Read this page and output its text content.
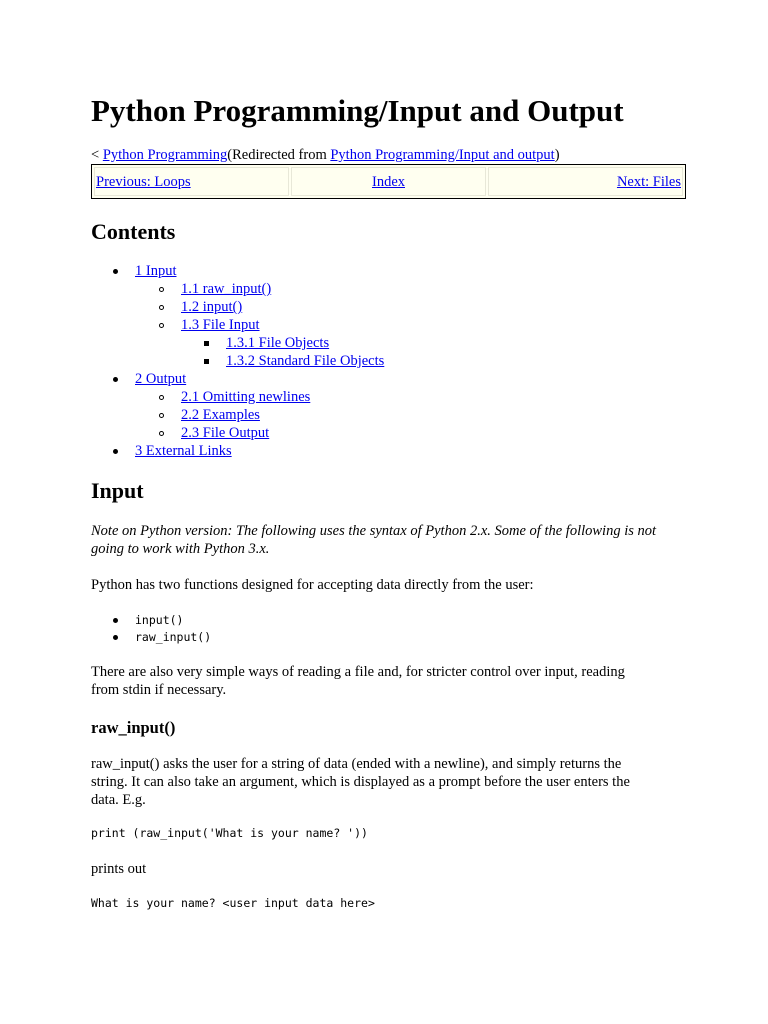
Python Programming/Input and Output
< Python Programming(Redirected from Python Programming/Input and output)
Previous: Loops	Index	Next: Files
Contents
1 Input
1.1 raw_input()
1.2 input()
1.3 File Input
1.3.1 File Objects
1.3.2 Standard File Objects
2 Output
2.1 Omitting newlines
2.2 Examples
2.3 File Output
3 External Links
Input
Note on Python version: The following uses the syntax of Python 2.x. Some of the following is not
going to work with Python 3.x.
Python has two functions designed for accepting data directly from the user:
input()
raw_input()
There are also very simple ways of reading a file and, for stricter control over input, reading
from stdin if necessary.
raw_input()
raw_input() asks the user for a string of data (ended with a newline), and simply returns the
string. It can also take an argument, which is displayed as a prompt before the user enters the
data. E.g.
print (raw_input('What is your name? '))
prints out
What is your name? <user input data here>
